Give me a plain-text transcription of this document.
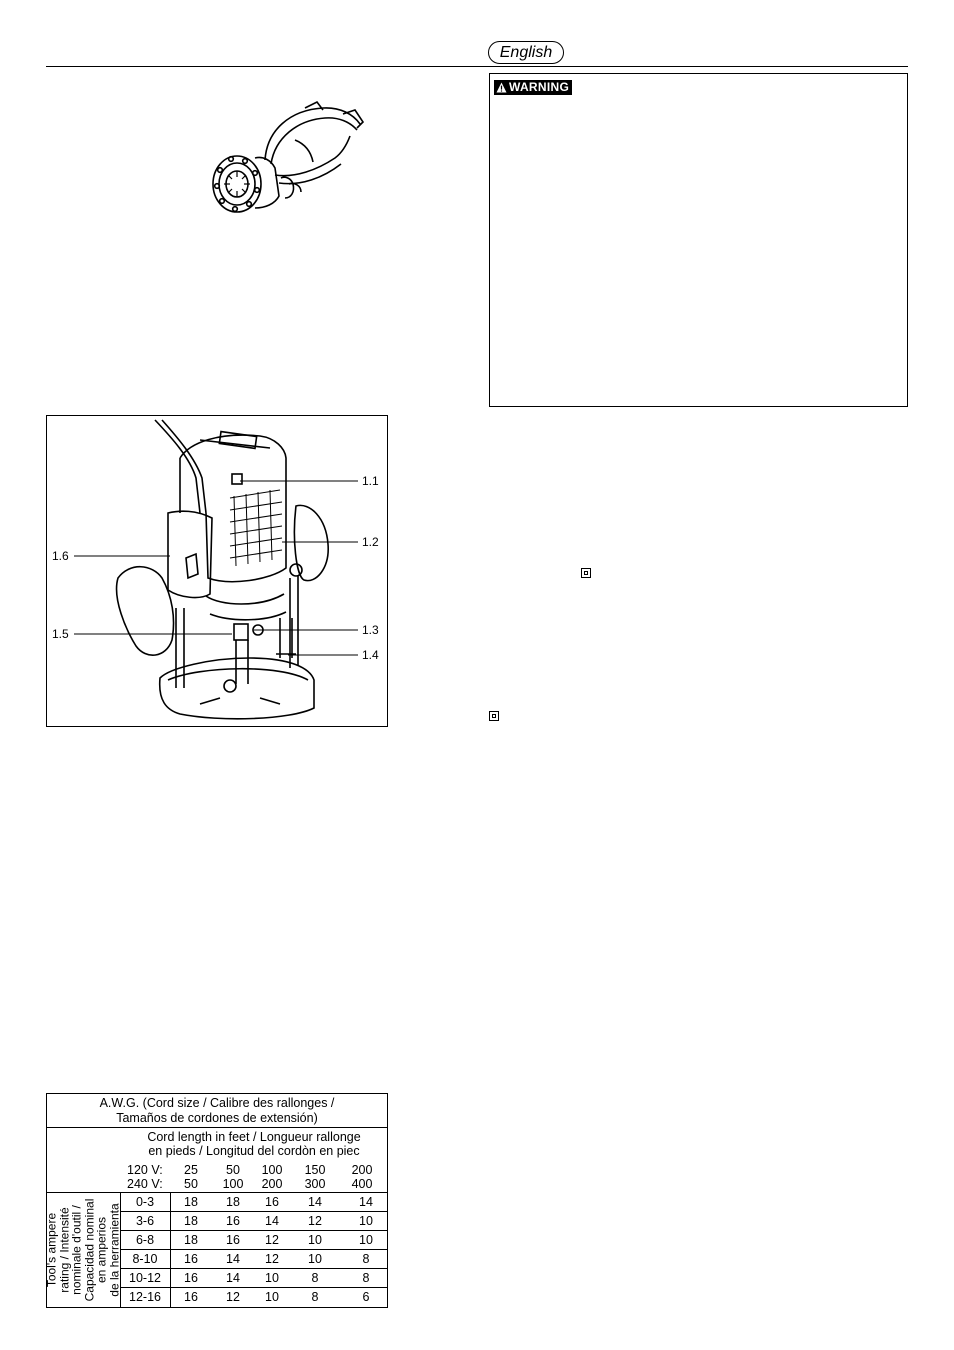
English
WARNING
1.1
1.2
1.3
1.4
1.6
1.5
A.W.G. (Cord size / Calibre des rallonges /
Tamaños de cordones de extensión)
Cord length in feet / Longueur rallonge
en pieds / Longitud del cordòn en piec
120 V:	25	50	100	150	200
240 V:	50	100	200	300	400
Tool's ampere
rating / Intensité
nominale d'outil /
Capacidad nominal
en amperios
de la herramienta
0-3	18	18	16	14	14
3-6	18	16	14	12	10
6-8	18	16	12	10	10
8-10	16	14	12	10	8
10-12	16	14	10	8	8
12-16	16	12	10	8	6
